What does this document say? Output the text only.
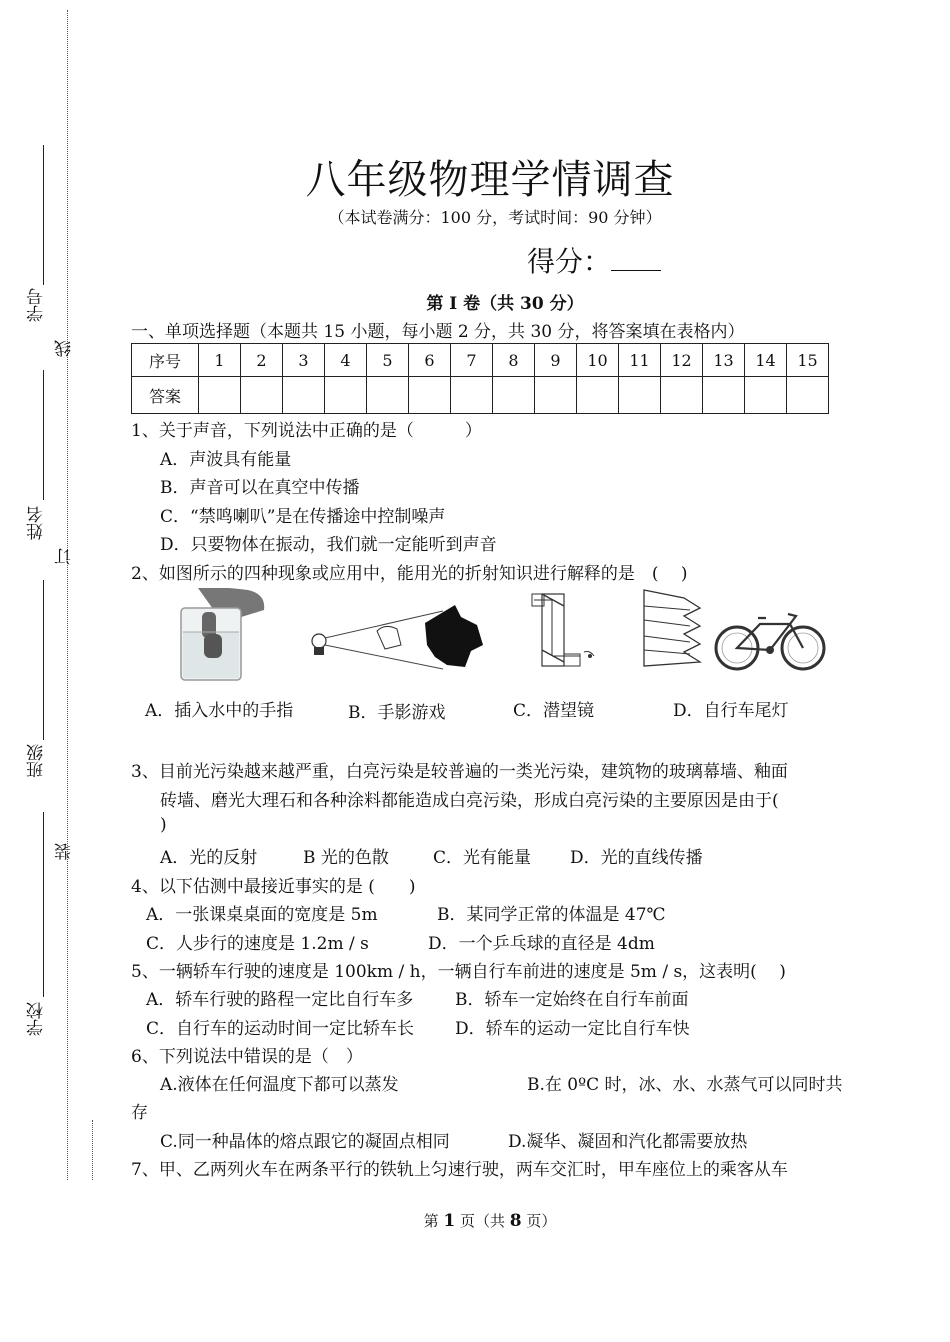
学号
线
姓名
订
班级
装
学校
八年级物理学情调查
（本试卷满分：100 分，考试时间：90 分钟）
得分：
第 I 卷（共 30 分）
一、单项选择题（本题共 15 小题，每小题 2 分，共 30 分，将答案填在表格内）
序号	1	2	3	4	5	6	7	8	9	10	11	12	13	14	15
答案															
1、关于声音，下列说法中正确的是（　　　）
A．声波具有能量
B．声音可以在真空中传播
C．“禁鸣喇叭”是在传播途中控制噪声
D．只要物体在振动，我们就一定能听到声音
2、如图所示的四种现象或应用中，能用光的折射知识进行解释的是　( 　)
A．插入水中的手指	B．手影游戏	C．潜望镜	D．自行车尾灯
3、目前光污染越来越严重，白亮污染是较普遍的一类光污染，建筑物的玻璃幕墙、釉面
砖墙、磨光大理石和各种涂料都能造成白亮污染，形成白亮污染的主要原因是由于(
)
A．光的反射	B 光的色散	C．光有能量 D．光的直线传播
4、以下估测中最接近事实的是 (　　)
A．一张课桌桌面的宽度是 5m	B．某同学正常的体温是 47℃
C．人步行的速度是 1.2m / s	D．一个乒乓球的直径是 4dm
5、一辆轿车行驶的速度是 100km / h，一辆自行车前进的速度是 5m / s，这表明( 　)
A．轿车行驶的路程一定比自行车多 B．轿车一定始终在自行车前面
C．自行车的运动时间一定比轿车长 D．轿车的运动一定比自行车快
6、下列说法中错误的是（　）
A.液体在任何温度下都可以蒸发	B.在 0ºC 时，冰、水、水蒸气可以同时共
存
C.同一种晶体的熔点跟它的凝固点相同	D.凝华、凝固和汽化都需要放热
7、甲、乙两列火车在两条平行的铁轨上匀速行驶，两车交汇时，甲车座位上的乘客从车
第 1 页（共 8 页）
